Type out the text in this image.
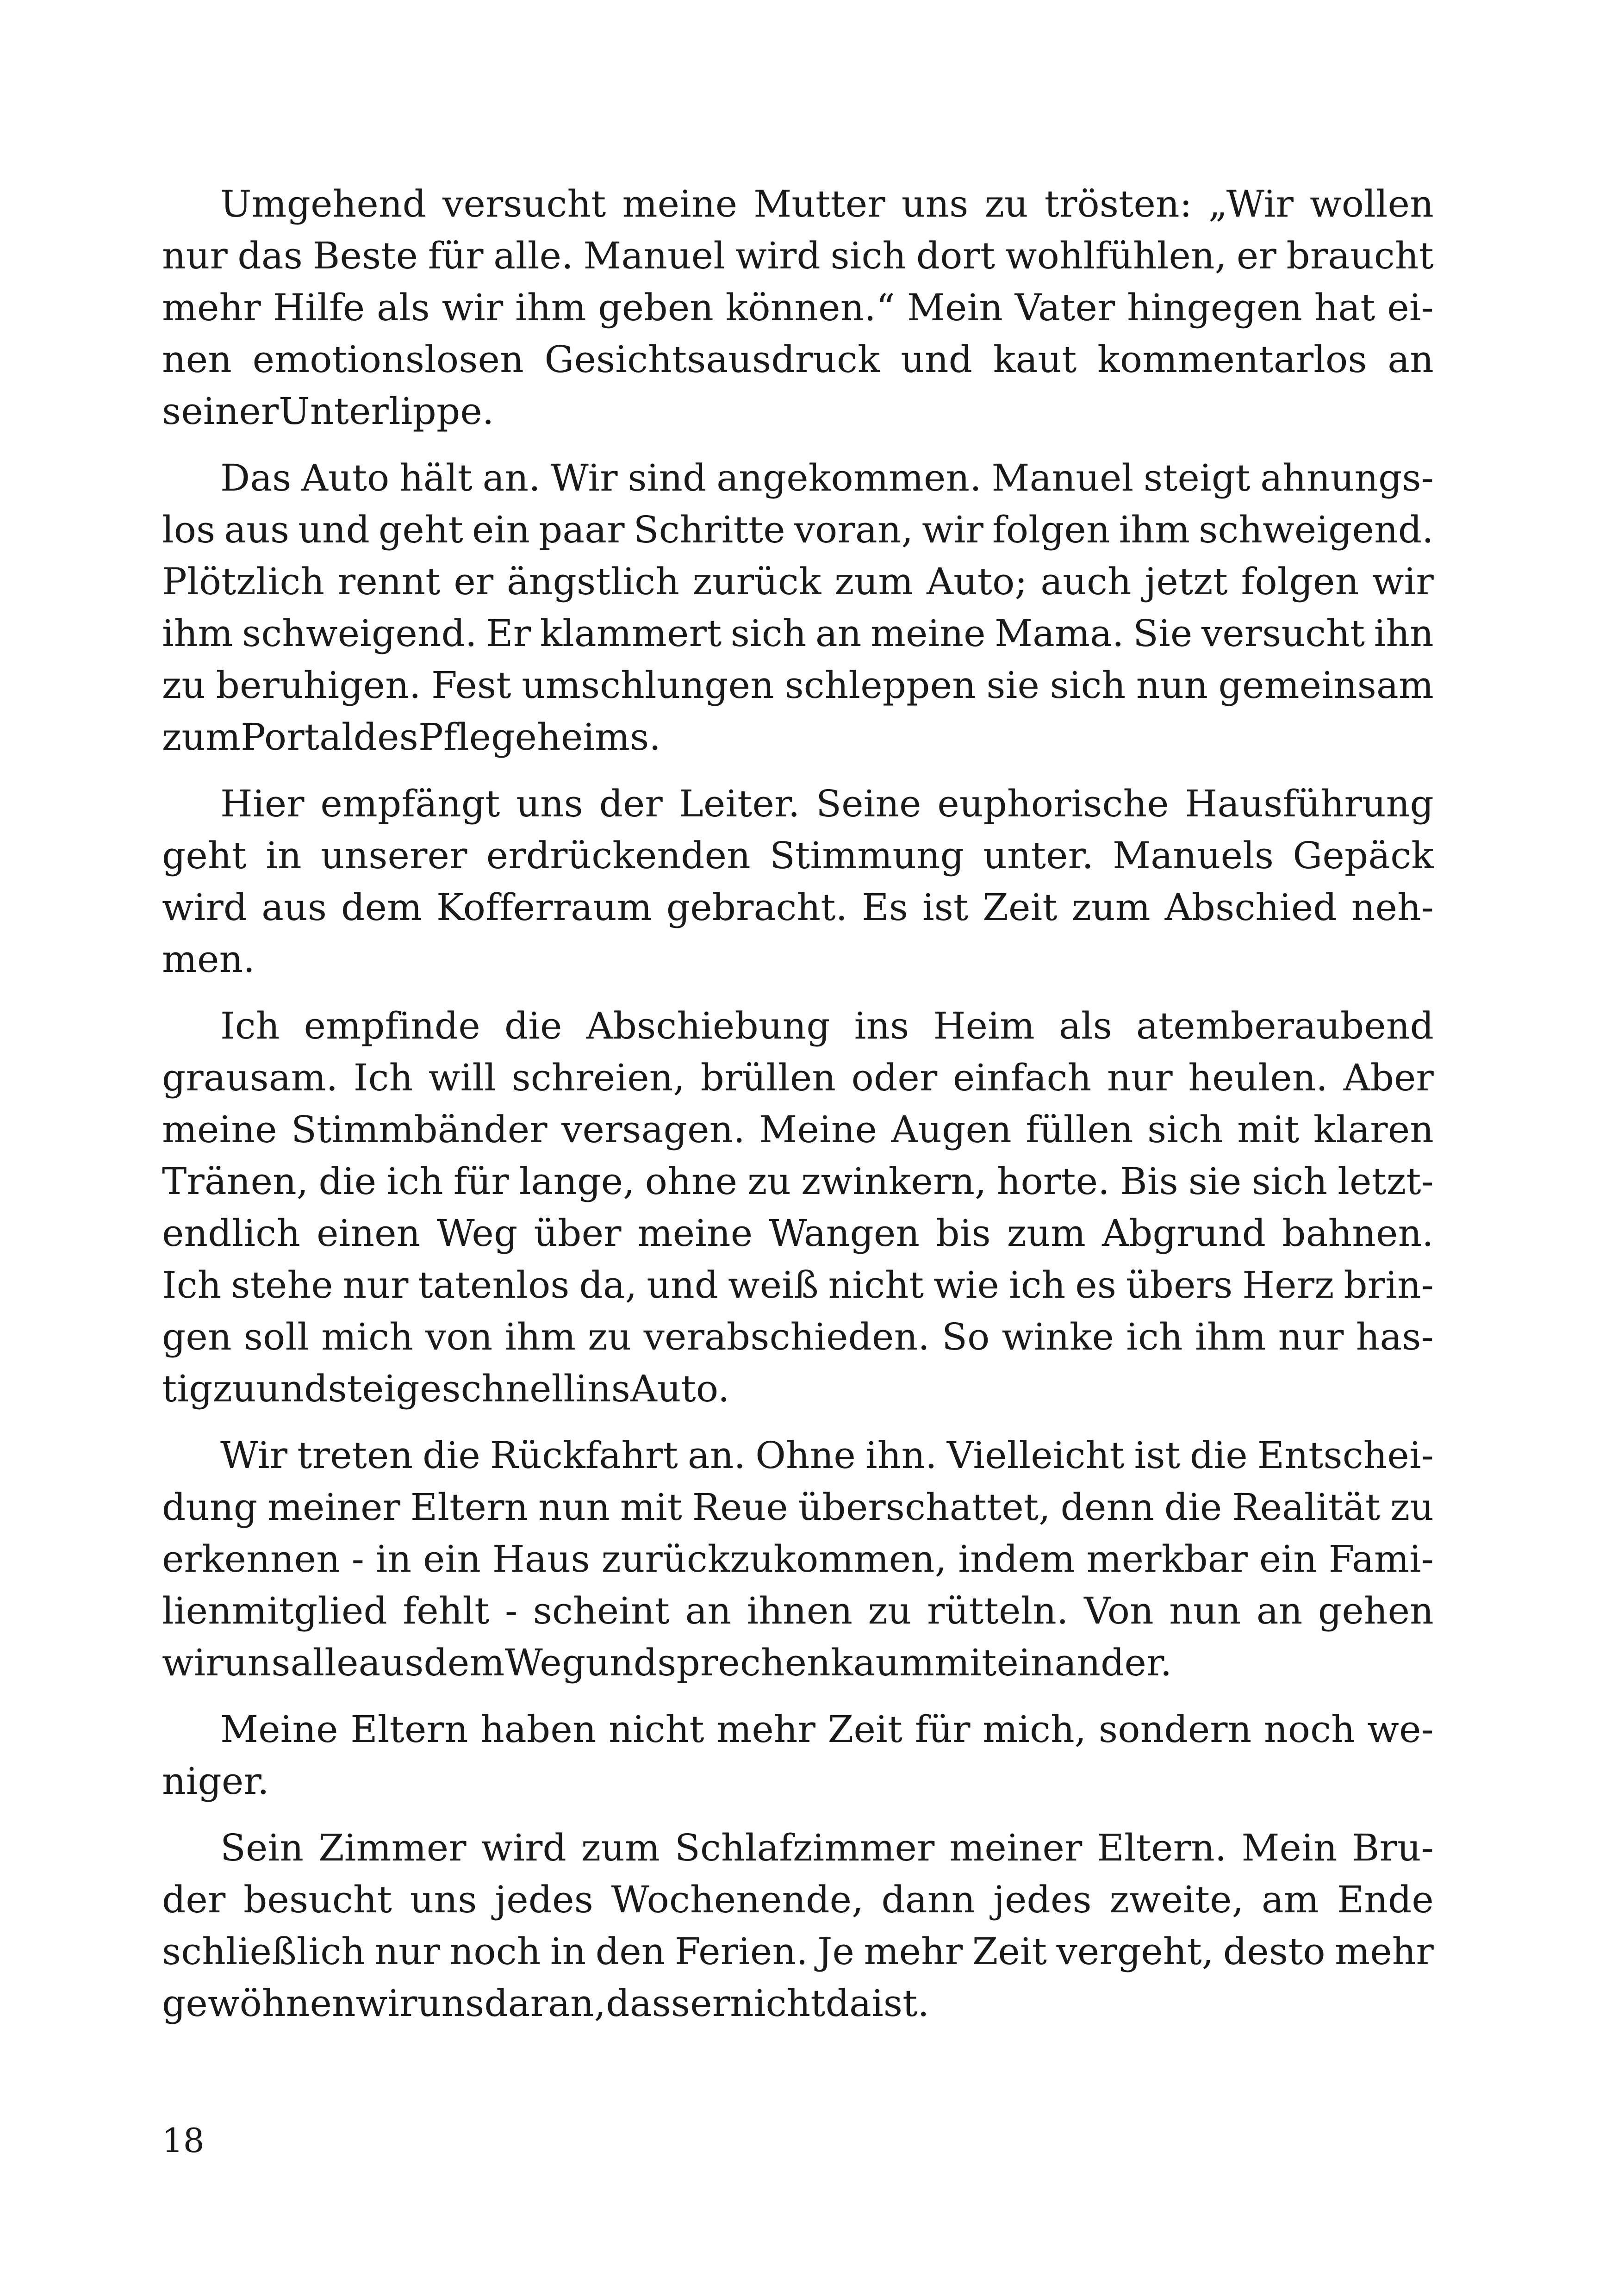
Umgehend versucht meine Mutter uns zu trösten: „Wir wollen
nur das Beste für alle. Manuel wird sich dort wohlfühlen, er braucht
mehr Hilfe als wir ihm geben können.“ Mein Vater hingegen hat ei-
nen emotionslosen Gesichtsausdruck und kaut kommentarlos an
seiner Unterlippe.
Das Auto hält an. Wir sind angekommen. Manuel steigt ahnungs-
los aus und geht ein paar Schritte voran, wir folgen ihm schweigend.
Plötzlich rennt er ängstlich zurück zum Auto; auch jetzt folgen wir
ihm schweigend. Er klammert sich an meine Mama. Sie versucht ihn
zu beruhigen. Fest umschlungen schleppen sie sich nun gemeinsam
zum Portal des Pflegeheims.
Hier empfängt uns der Leiter. Seine euphorische Hausführung
geht in unserer erdrückenden Stimmung unter. Manuels Gepäck
wird aus dem Kofferraum gebracht. Es ist Zeit zum Abschied neh-
men.
Ich empfinde die Abschiebung ins Heim als atemberaubend
grausam. Ich will schreien, brüllen oder einfach nur heulen. Aber
meine Stimmbänder versagen. Meine Augen füllen sich mit klaren
Tränen, die ich für lange, ohne zu zwinkern, horte. Bis sie sich letzt-
endlich einen Weg über meine Wangen bis zum Abgrund bahnen.
Ich stehe nur tatenlos da, und weiß nicht wie ich es übers Herz brin-
gen soll mich von ihm zu verabschieden. So winke ich ihm nur has-
tig zu und steige schnell ins Auto.
Wir treten die Rückfahrt an. Ohne ihn. Vielleicht ist die Entschei-
dung meiner Eltern nun mit Reue überschattet, denn die Realität zu
erkennen - in ein Haus zurückzukommen, indem merkbar ein Fami-
lienmitglied fehlt - scheint an ihnen zu rütteln. Von nun an gehen
wir uns alle aus dem Weg und sprechen kaum miteinander.
Meine Eltern haben nicht mehr Zeit für mich, sondern noch we-
niger.
Sein Zimmer wird zum Schlafzimmer meiner Eltern. Mein Bru-
der besucht uns jedes Wochenende, dann jedes zweite, am Ende
schließlich nur noch in den Ferien. Je mehr Zeit vergeht, desto mehr
gewöhnen wir uns daran, dass er nicht da ist.
18
